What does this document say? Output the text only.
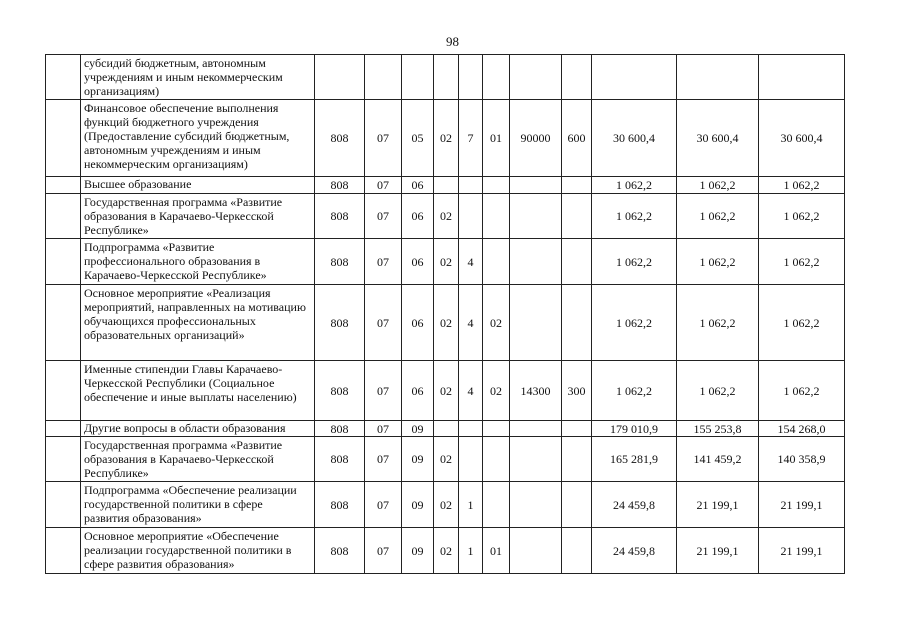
98
	субсидий бюджетным, автономным учреждениям и иным некоммерческим организациям)											
	Финансовое обеспечение выполнения функций бюджетного учреждения (Предоставление субсидий бюджетным, автономным учреждениям и иным некоммерческим организациям)	808	07	05	02	7	01	90000	600	30 600,4	30 600,4	30 600,4
	Высшее образование	808	07	06						1 062,2	1 062,2	1 062,2
	Государственная программа «Развитие образования в Карачаево-Черкесской Республике»	808	07	06	02					1 062,2	1 062,2	1 062,2
	Подпрограмма «Развитие профессионального образования в Карачаево-Черкесской Республике»	808	07	06	02	4				1 062,2	1 062,2	1 062,2
	Основное мероприятие «Реализация мероприятий, направленных на мотивацию обучающихся профессиональных образовательных организаций»	808	07	06	02	4	02			1 062,2	1 062,2	1 062,2
	Именные стипендии Главы Карачаево-Черкесской Республики (Социальное обеспечение и иные выплаты населению)	808	07	06	02	4	02	14300	300	1 062,2	1 062,2	1 062,2
	Другие вопросы в области образования	808	07	09						179 010,9	155 253,8	154 268,0
	Государственная программа «Развитие образования в Карачаево-Черкесской Республике»	808	07	09	02					165 281,9	141 459,2	140 358,9
	Подпрограмма «Обеспечение реализации государственной политики в сфере развития образования»	808	07	09	02	1				24 459,8	21 199,1	21 199,1
	Основное мероприятие «Обеспечение реализации государственной политики в сфере развития образования»	808	07	09	02	1	01			24 459,8	21 199,1	21 199,1
